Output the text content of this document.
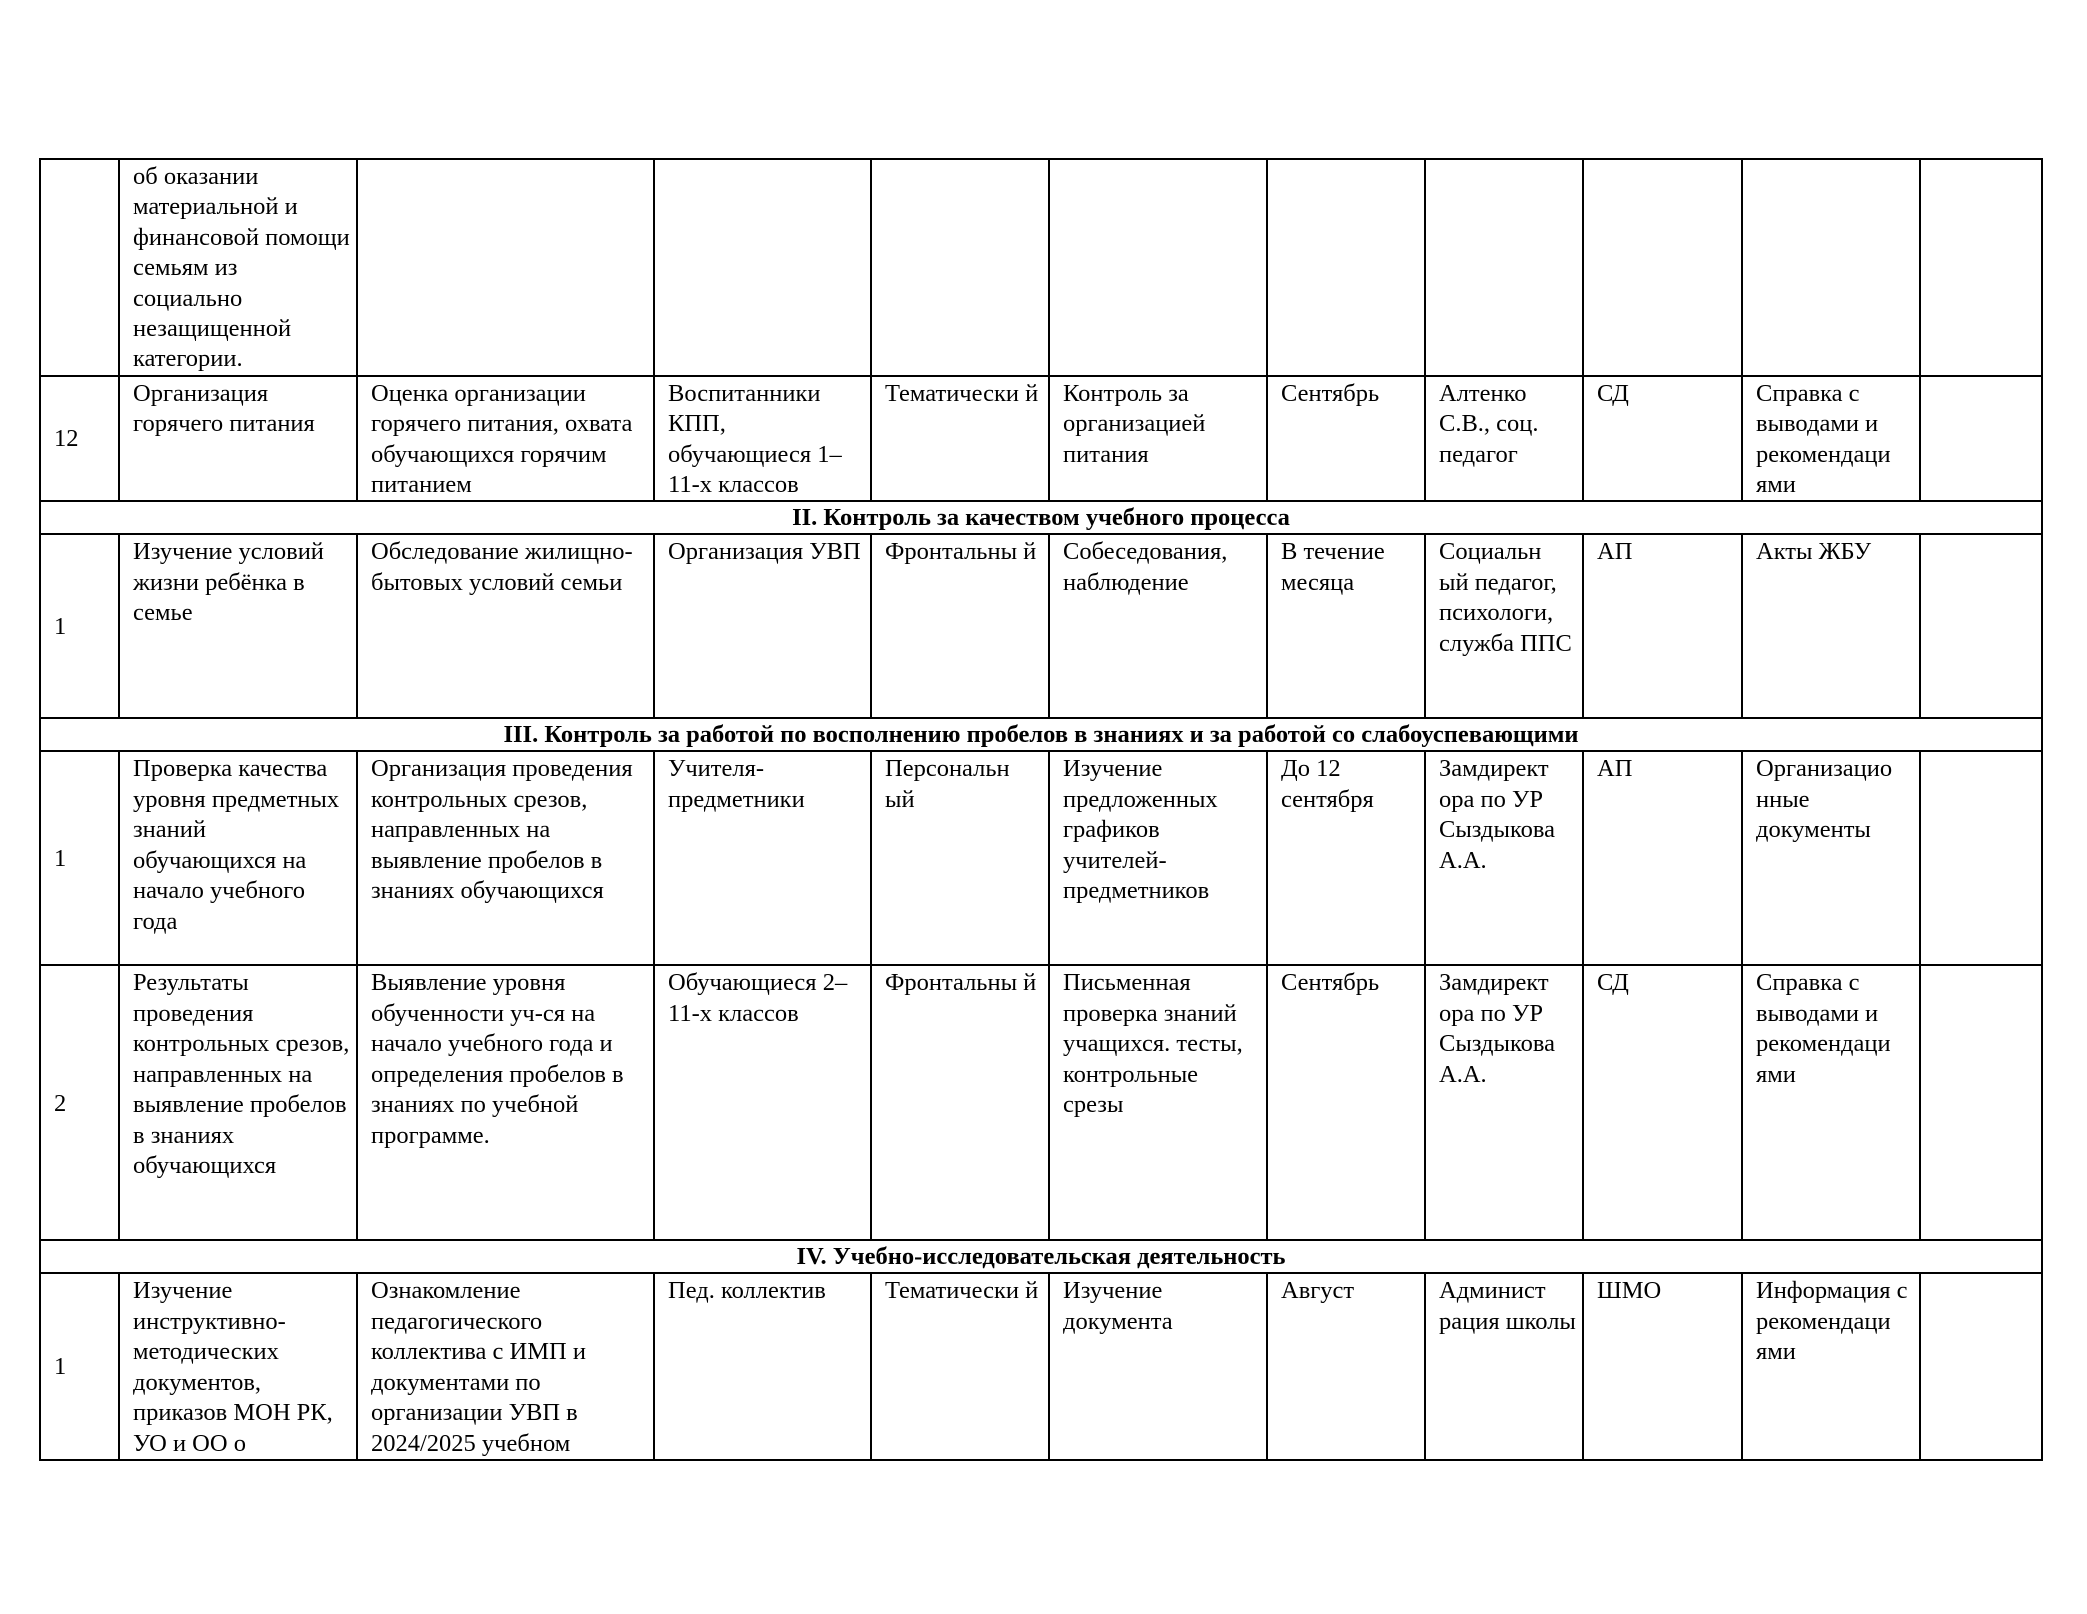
	об оказании материальной и финансовой помощи семьям из социально незащищенной категории.									
12	Организация горячего питания	Оценка организации горячего питания, охвата обучающихся горячим питанием	Воспитанники КПП, обучающиеся 1–11-х классов	Тематически й	Контроль за организацией питания	Сентябрь	Алтенко С.В., соц. педагог	СД	Справка с выводами и рекомендаци ями	
II. Контроль за качеством учебного процесса										
1	Изучение условий жизни ребёнка в семье	Обследование жилищно-бытовых условий семьи	Организация УВП	Фронтальны й	Собеседования, наблюдение	В течение месяца	Социальн ый педагог, психологи, служба ППС	АП	Акты ЖБУ	
III. Контроль за работой по восполнению пробелов в знаниях и за работой со слабоуспевающими										
1	Проверка качества уровня предметных знаний обучающихся на начало учебного года	Организация проведения контрольных срезов, направленных на выявление пробелов в знаниях обучающихся	Учителя-предметники	Персональн ый	Изучение предложенных графиков учителей-предметников	До 12 сентября	Замдирект ора по УР Сыздыкова А.А.	АП	Организацио нные документы	
2	Результаты проведения контрольных срезов, направленных на выявление пробелов в знаниях обучающихся	Выявление уровня обученности уч-ся на начало учебного года и определения пробелов в знаниях по учебной программе.	Обучающиеся 2–11-х классов	Фронтальны й	Письменная проверка знаний учащихся. тесты, контрольные срезы	Сентябрь	Замдирект ора по УР Сыздыкова А.А.	СД	Справка с выводами и рекомендаци ями	
IV. Учебно-исследовательская деятельность										
1	Изучение инструктивно-методических документов, приказов МОН РК, УО и ОО о	Ознакомление педагогического коллектива с ИМП и документами по организации УВП в 2024/2025 учебном	Пед. коллектив	Тематически й	Изучение документа	Август	Админист рация школы	ШМО	Информация с рекомендаци ями	
